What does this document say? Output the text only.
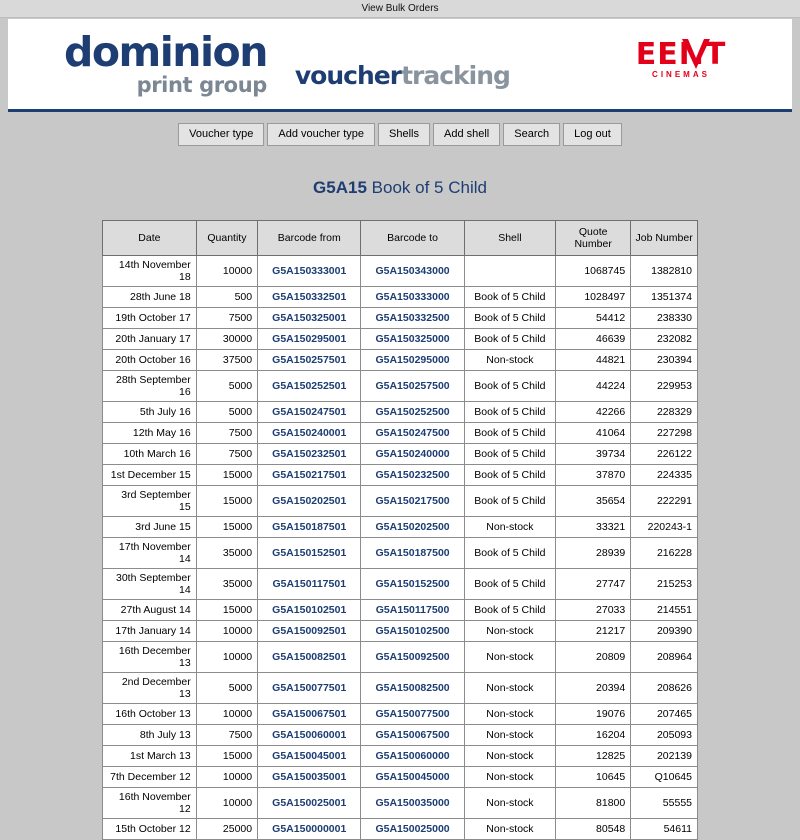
View Bulk Orders
dominion
print group vouchertracking
EENT
CINEMAS
Voucher type	Add voucher type	Shells	Add shell	Search	Log out
G5A15 Book of 5 Child
Date	Quantity	Barcode from	Barcode to	Shell	Quote Number	Job Number
14th November 18	10000	G5A150333001	G5A150343000		1068745	1382810
28th June 18	500	G5A150332501	G5A150333000	Book of 5 Child	1028497	1351374
19th October 17	7500	G5A150325001	G5A150332500	Book of 5 Child	54412	238330
20th January 17	30000	G5A150295001	G5A150325000	Book of 5 Child	46639	232082
20th October 16	37500	G5A150257501	G5A150295000	Non-stock	44821	230394
28th September 16	5000	G5A150252501	G5A150257500	Book of 5 Child	44224	229953
5th July 16	5000	G5A150247501	G5A150252500	Book of 5 Child	42266	228329
12th May 16	7500	G5A150240001	G5A150247500	Book of 5 Child	41064	227298
10th March 16	7500	G5A150232501	G5A150240000	Book of 5 Child	39734	226122
1st December 15	15000	G5A150217501	G5A150232500	Book of 5 Child	37870	224335
3rd September 15	15000	G5A150202501	G5A150217500	Book of 5 Child	35654	222291
3rd June 15	15000	G5A150187501	G5A150202500	Non-stock	33321	220243-1
17th November 14	35000	G5A150152501	G5A150187500	Book of 5 Child	28939	216228
30th September 14	35000	G5A150117501	G5A150152500	Book of 5 Child	27747	215253
27th August 14	15000	G5A150102501	G5A150117500	Book of 5 Child	27033	214551
17th January 14	10000	G5A150092501	G5A150102500	Non-stock	21217	209390
16th December 13	10000	G5A150082501	G5A150092500	Non-stock	20809	208964
2nd December 13	5000	G5A150077501	G5A150082500	Non-stock	20394	208626
16th October 13	10000	G5A150067501	G5A150077500	Non-stock	19076	207465
8th July 13	7500	G5A150060001	G5A150067500	Non-stock	16204	205093
1st March 13	15000	G5A150045001	G5A150060000	Non-stock	12825	202139
7th December 12	10000	G5A150035001	G5A150045000	Non-stock	10645	Q10645
16th November 12	10000	G5A150025001	G5A150035000	Non-stock	81800	55555
15th October 12	25000	G5A150000001	G5A150025000	Non-stock	80548	54611
